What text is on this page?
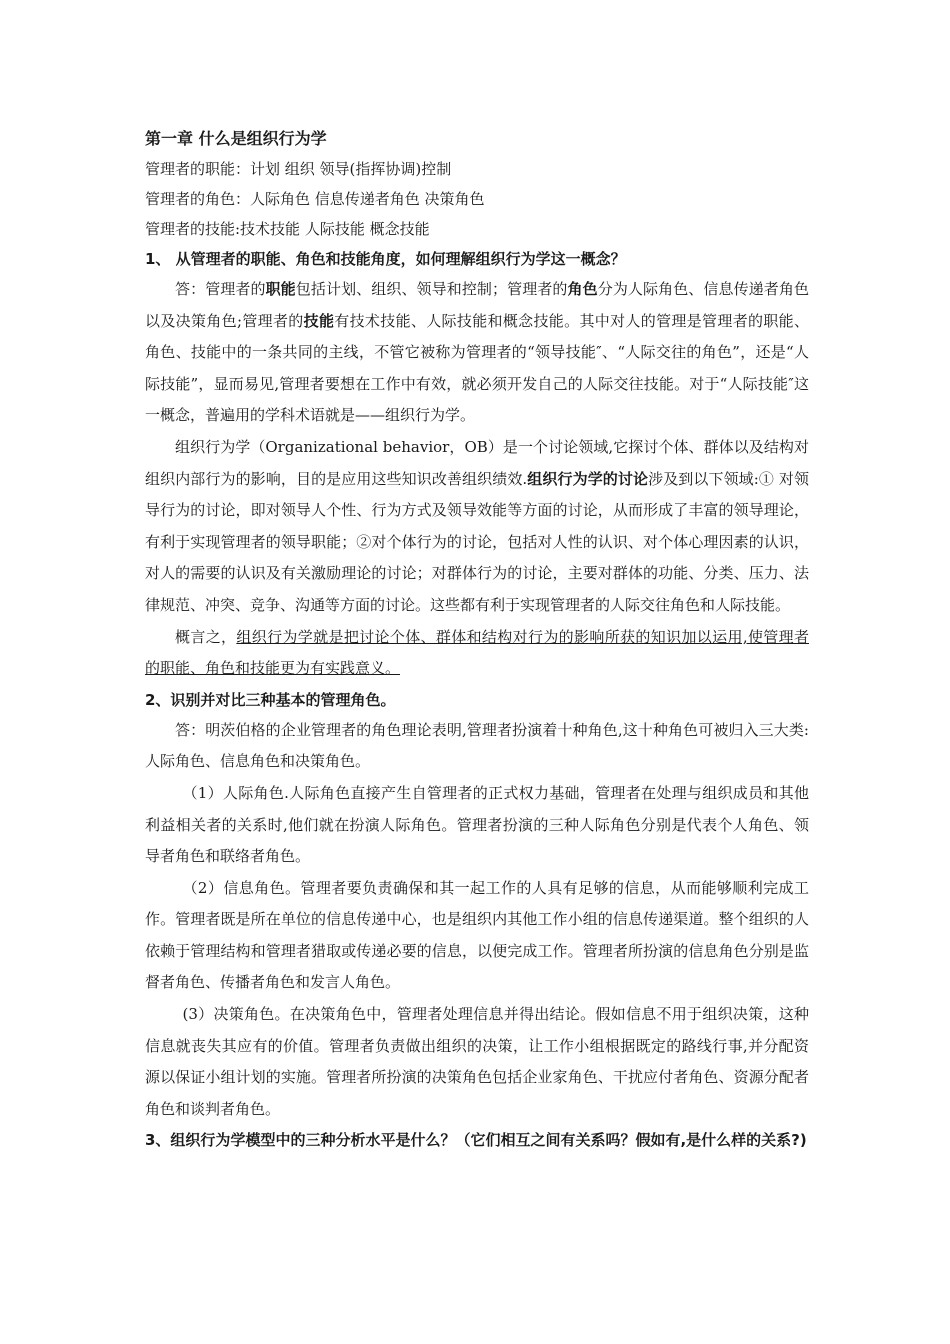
第一章 什么是组织行为学

管理者的职能：计划 组织 领导(指挥协调)控制

管理者的角色：人际角色 信息传递者角色 决策角色

管理者的技能:技术技能 人际技能 概念技能

1、 从管理者的职能、角色和技能角度，如何理解组织行为学这一概念？

答：管理者的职能包括计划、组织、领导和控制；管理者的角色分为人际角色、信息传递者角色以及决策角色;管理者的技能有技术技能、人际技能和概念技能。其中对人的管理是管理者的职能、角色、技能中的一条共同的主线，不管它被称为管理者的“领导技能″、“人际交往的角色”，还是“人际技能”，显而易见,管理者要想在工作中有效，就必须开发自己的人际交往技能。对于“人际技能″这一概念，普遍用的学科术语就是——组织行为学。

组织行为学（Organizational behavior，OB）是一个讨论领域,它探讨个体、群体以及结构对组织内部行为的影响，目的是应用这些知识改善组织绩效.组织行为学的讨论涉及到以下领域:① 对领导行为的讨论，即对领导人个性、行为方式及领导效能等方面的讨论，从而形成了丰富的领导理论，有利于实现管理者的领导职能；②对个体行为的讨论，包括对人性的认识、对个体心理因素的认识，对人的需要的认识及有关激励理论的讨论；对群体行为的讨论，主要对群体的功能、分类、压力、法律规范、冲突、竞争、沟通等方面的讨论。这些都有利于实现管理者的人际交往角色和人际技能。

概言之，组织行为学就是把讨论个体、群体和结构对行为的影响所获的知识加以运用,使管理者的职能、角色和技能更为有实践意义。

2、识别并对比三种基本的管理角色。

答：明茨伯格的企业管理者的角色理论表明,管理者扮演着十种角色,这十种角色可被归入三大类:人际角色、信息角色和决策角色。

（1）人际角色.人际角色直接产生自管理者的正式权力基础，管理者在处理与组织成员和其他利益相关者的关系时,他们就在扮演人际角色。管理者扮演的三种人际角色分别是代表个人角色、领导者角色和联络者角色。

（2）信息角色。管理者要负责确保和其一起工作的人具有足够的信息，从而能够顺利完成工作。管理者既是所在单位的信息传递中心，也是组织内其他工作小组的信息传递渠道。整个组织的人依赖于管理结构和管理者猎取或传递必要的信息，以便完成工作。管理者所扮演的信息角色分别是监督者角色、传播者角色和发言人角色。

(3）决策角色。在决策角色中，管理者处理信息并得出结论。假如信息不用于组织决策，这种信息就丧失其应有的价值。管理者负责做出组织的决策，让工作小组根据既定的路线行事,并分配资源以保证小组计划的实施。管理者所扮演的决策角色包括企业家角色、干扰应付者角色、资源分配者角色和谈判者角色。

3、组织行为学模型中的三种分析水平是什么？（它们相互之间有关系吗？假如有,是什么样的关系?)
